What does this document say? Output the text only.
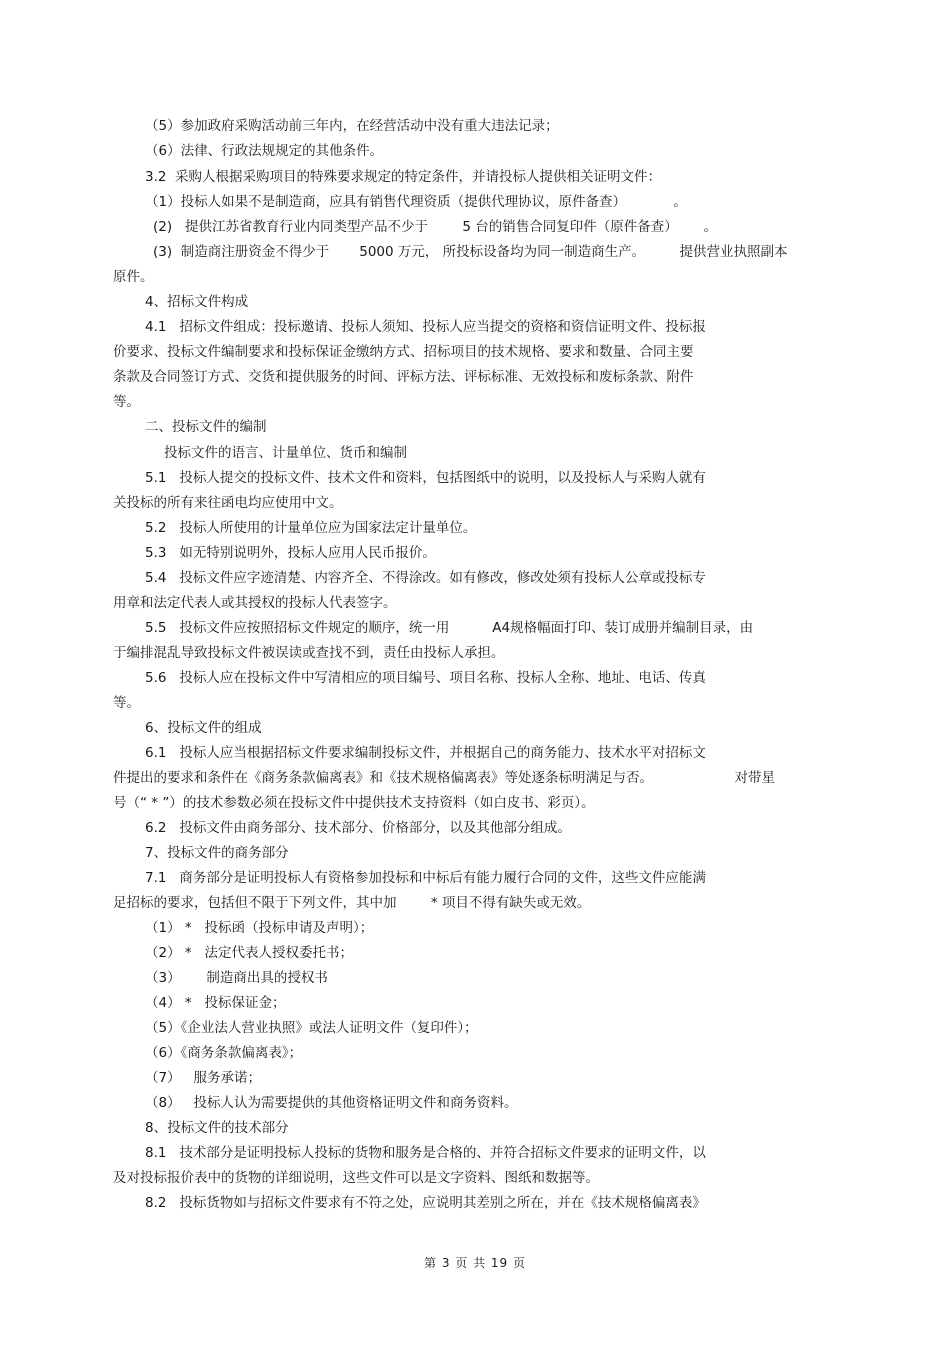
（5）参加政府采购活动前三年内，在经营活动中没有重大违法记录；
（6）法律、行政法规规定的其他条件。
3.2  采购人根据采购项目的特殊要求规定的特定条件，并请投标人提供相关证明文件：
（1）投标人如果不是制造商，应具有销售代理资质（提供代理协议，原件备查）           。
(2)   提供江苏省教育行业内同类型产品不少于        5 台的销售合同复印件（原件备查）      。
(3)  制造商注册资金不得少于       5000 万元， 所投标设备均为同一制造商生产。        提供营业执照副本
原件。
4、招标文件构成
4.1   招标文件组成：投标邀请、投标人须知、投标人应当提交的资格和资信证明文件、投标报
价要求、投标文件编制要求和投标保证金缴纳方式、招标项目的技术规格、要求和数量、合同主要
条款及合同签订方式、交货和提供服务的时间、评标方法、评标标准、无效投标和废标条款、附件
等。
二、投标文件的编制
投标文件的语言、计量单位、货币和编制
5.1   投标人提交的投标文件、技术文件和资料，包括图纸中的说明，以及投标人与采购人就有
关投标的所有来往函电均应使用中文。
5.2   投标人所使用的计量单位应为国家法定计量单位。
5.3   如无特别说明外，投标人应用人民币报价。
5.4   投标文件应字迹清楚、内容齐全、不得涂改。如有修改，修改处须有投标人公章或投标专
用章和法定代表人或其授权的投标人代表签字。
5.5   投标文件应按照招标文件规定的顺序，统一用          A4规格幅面打印、装订成册并编制目录，由
于编排混乱导致投标文件被误读或查找不到，责任由投标人承担。
5.6   投标人应在投标文件中写清相应的项目编号、项目名称、投标人全称、地址、电话、传真
等。
6、投标文件的组成
6.1   投标人应当根据招标文件要求编制投标文件，并根据自己的商务能力、技术水平对招标文
件提出的要求和条件在《商务条款偏离表》和《技术规格偏离表》等处逐条标明满足与否。                   对带星
号（“ * ”）的技术参数必须在投标文件中提供技术支持资料（如白皮书、彩页）。
6.2   投标文件由商务部分、技术部分、价格部分，以及其他部分组成。
7、投标文件的商务部分
7.1   商务部分是证明投标人有资格参加投标和中标后有能力履行合同的文件，这些文件应能满
足招标的要求，包括但不限于下列文件，其中加        * 项目不得有缺失或无效。
（1） *   投标函（投标申请及声明）；
（2） *   法定代表人授权委托书；
（3）      制造商出具的授权书
（4） *   投标保证金；
（5）《企业法人营业执照》或法人证明文件（复印件）；
（6）《商务条款偏离表》；
（7）   服务承诺；
（8）   投标人认为需要提供的其他资格证明文件和商务资料。
8、投标文件的技术部分
8.1   技术部分是证明投标人投标的货物和服务是合格的、并符合招标文件要求的证明文件，以
及对投标报价表中的货物的详细说明，这些文件可以是文字资料、图纸和数据等。
8.2   投标货物如与招标文件要求有不符之处，应说明其差别之所在，并在《技术规格偏离表》
第 3 页 共 19 页
